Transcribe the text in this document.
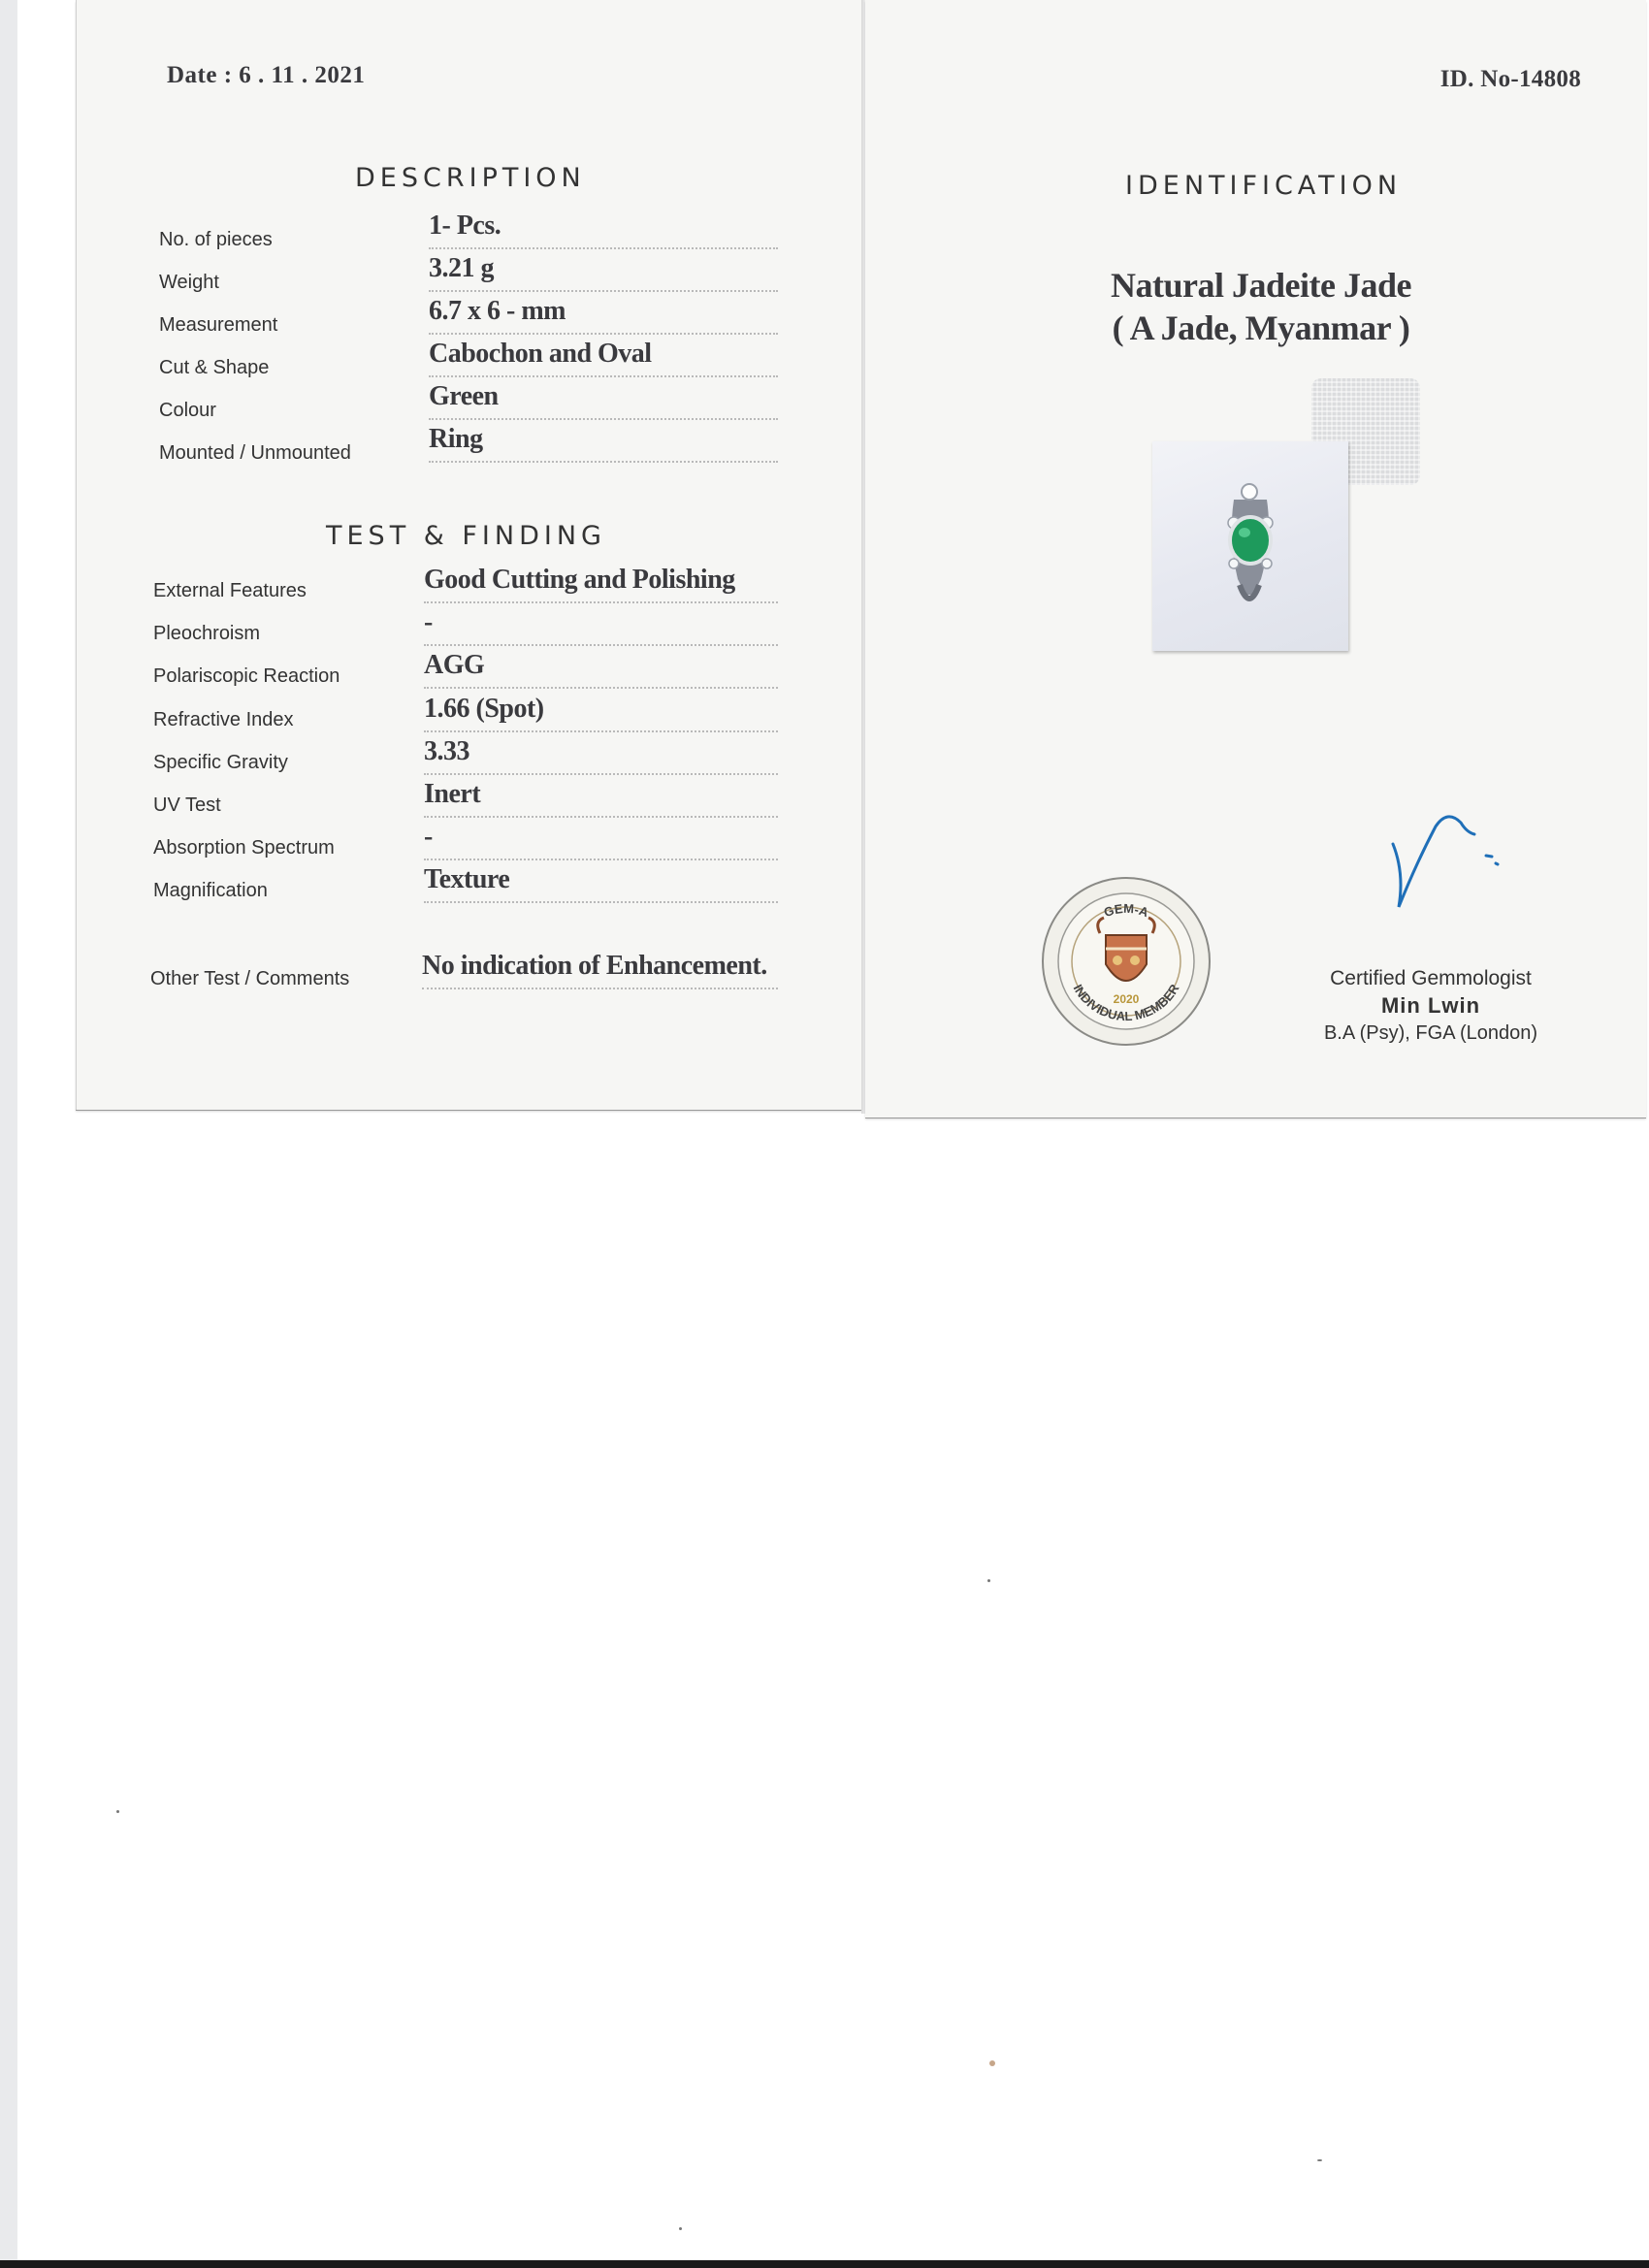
Date : 6 . 11 . 2021	ID. No-14808
DESCRIPTION
No. of pieces	1- Pcs.
Weight	3.21 g
Measurement	6.7 x 6 - mm
Cut & Shape	Cabochon and Oval
Colour	Green
Mounted / Unmounted	Ring
TEST & FINDING
External Features	Good Cutting and Polishing
Pleochroism	-
Polariscopic Reaction	AGG
Refractive Index	1.66 (Spot)
Specific Gravity	3.33
UV Test	Inert
Absorption Spectrum	-
Magnification	Texture
Other Test / Comments	No indication of Enhancement.
IDENTIFICATION
Natural Jadeite Jade
( A Jade, Myanmar )
GEM-A
INDIVIDUAL MEMBER
2020
Certified Gemmologist
Min Lwin
B.A (Psy), FGA (London)
